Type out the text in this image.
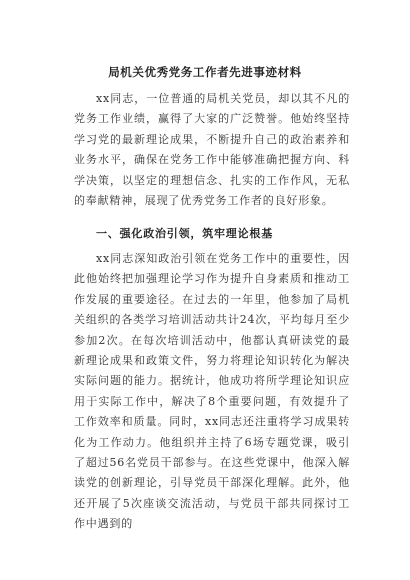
局机关优秀党务工作者先进事迹材料

xx同志，一位普通的局机关党员，却以其不凡的党务工作业绩，赢得了大家的广泛赞誉。他始终坚持学习党的最新理论成果，不断提升自己的政治素养和业务水平，确保在党务工作中能够准确把握方向、科学决策，以坚定的理想信念、扎实的工作作风，无私的奉献精神，展现了优秀党务工作者的良好形象。

一、强化政治引领，筑牢理论根基

xx同志深知政治引领在党务工作中的重要性，因此他始终把加强理论学习作为提升自身素质和推动工作发展的重要途径。在过去的一年里，他参加了局机关组织的各类学习培训活动共计24次，平均每月至少参加2次。在每次培训活动中，他都认真研读党的最新理论成果和政策文件，努力将理论知识转化为解决实际问题的能力。据统计，他成功将所学理论知识应用于实际工作中，解决了8个重要问题，有效提升了工作效率和质量。同时，xx同志还注重将学习成果转化为工作动力。他组织并主持了6场专题党课，吸引了超过56名党员干部参与。在这些党课中，他深入解读党的创新理论，引导党员干部深化理解。此外，他还开展了5次座谈交流活动，与党员干部共同探讨工作中遇到的
